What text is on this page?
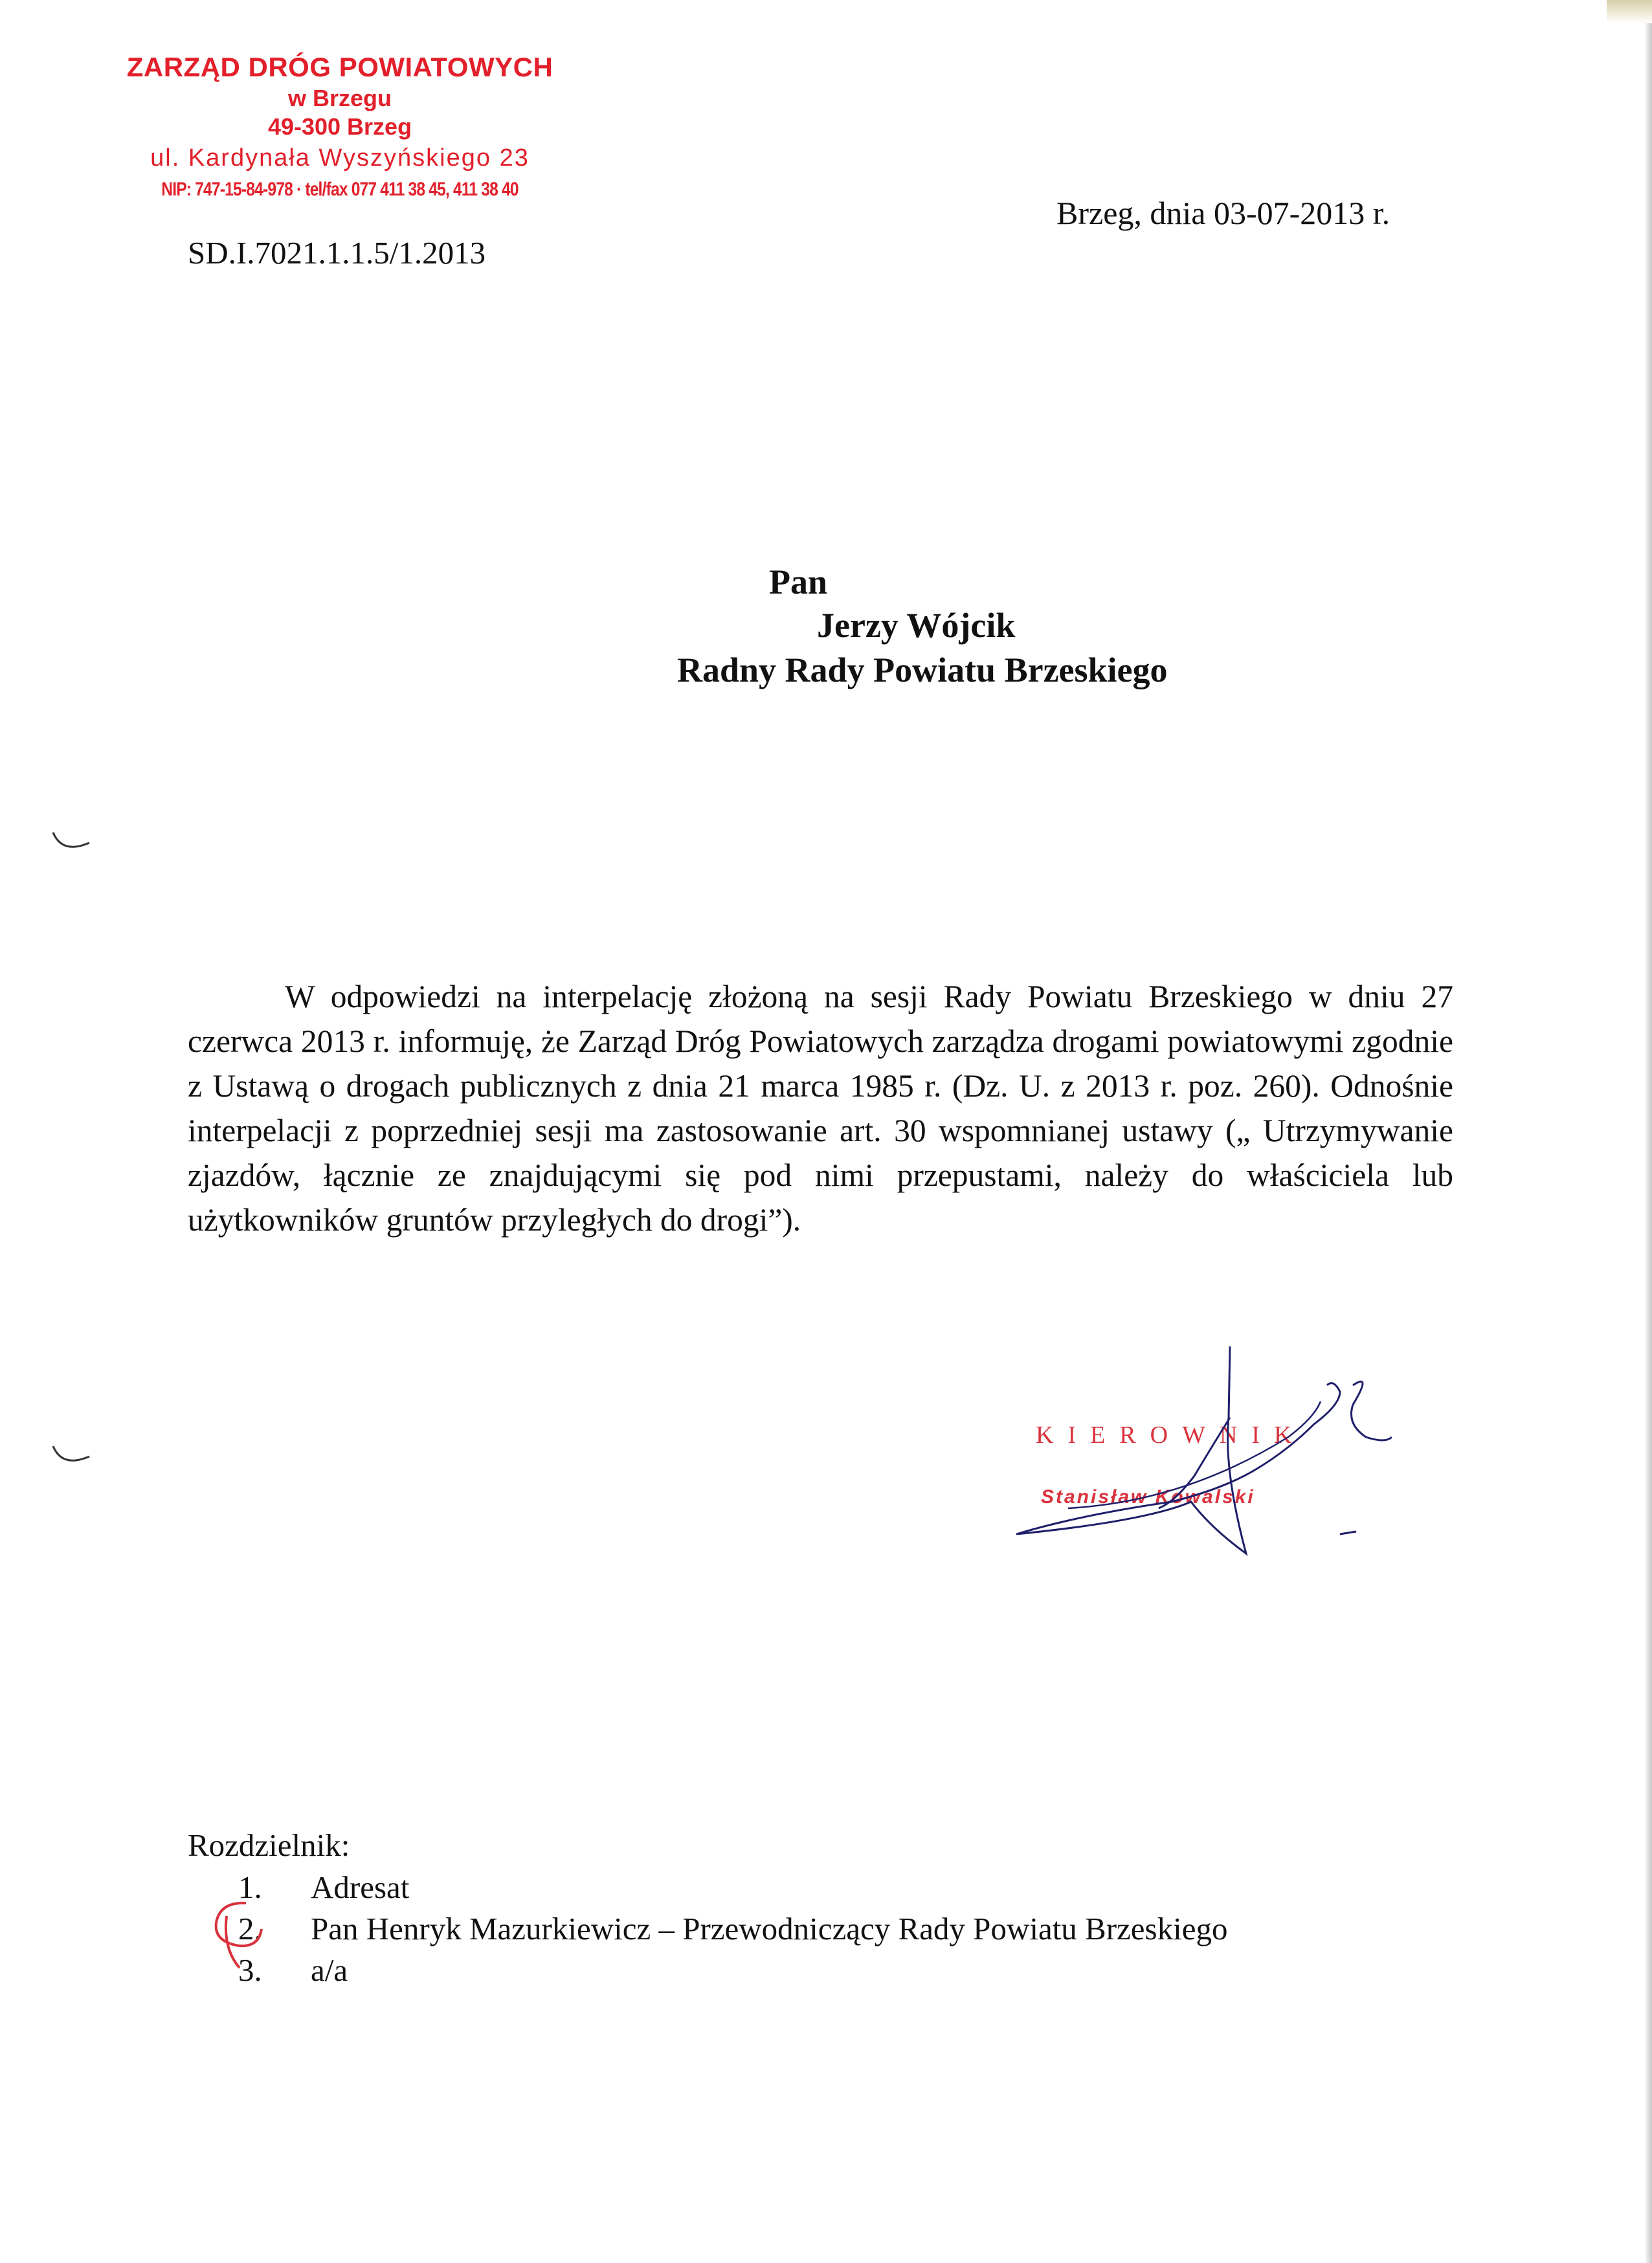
ZARZĄD DRÓG POWIATOWYCH
w Brzegu
49-300 Brzeg
ul. Kardynała Wyszyńskiego 23
NIP: 747-15-84-978 · tel/fax 077 411 38 45, 411 38 40
SD.I.7021.1.1.5/1.2013
Brzeg, dnia 03-07-2013 r.
Pan
Jerzy Wójcik
Radny Rady Powiatu Brzeskiego
W odpowiedzi na interpelację złożoną na sesji Rady Powiatu Brzeskiego w dniu 27 czerwca 2013 r. informuję, że Zarząd Dróg Powiatowych zarządza drogami powiatowymi zgodnie z Ustawą o drogach publicznych z dnia 21 marca 1985 r. (Dz. U. z 2013 r. poz. 260). Odnośnie interpelacji z poprzedniej sesji ma zastosowanie art. 30 wspomnianej ustawy („ Utrzymywanie zjazdów, łącznie ze znajdującymi się pod nimi przepustami, należy do właściciela lub użytkowników gruntów przyległych do drogi”).
KIEROWNIK
Stanisław Kowalski
Rozdzielnik:
1. Adresat
2. Pan Henryk Mazurkiewicz – Przewodniczący Rady Powiatu Brzeskiego
3. a/a
